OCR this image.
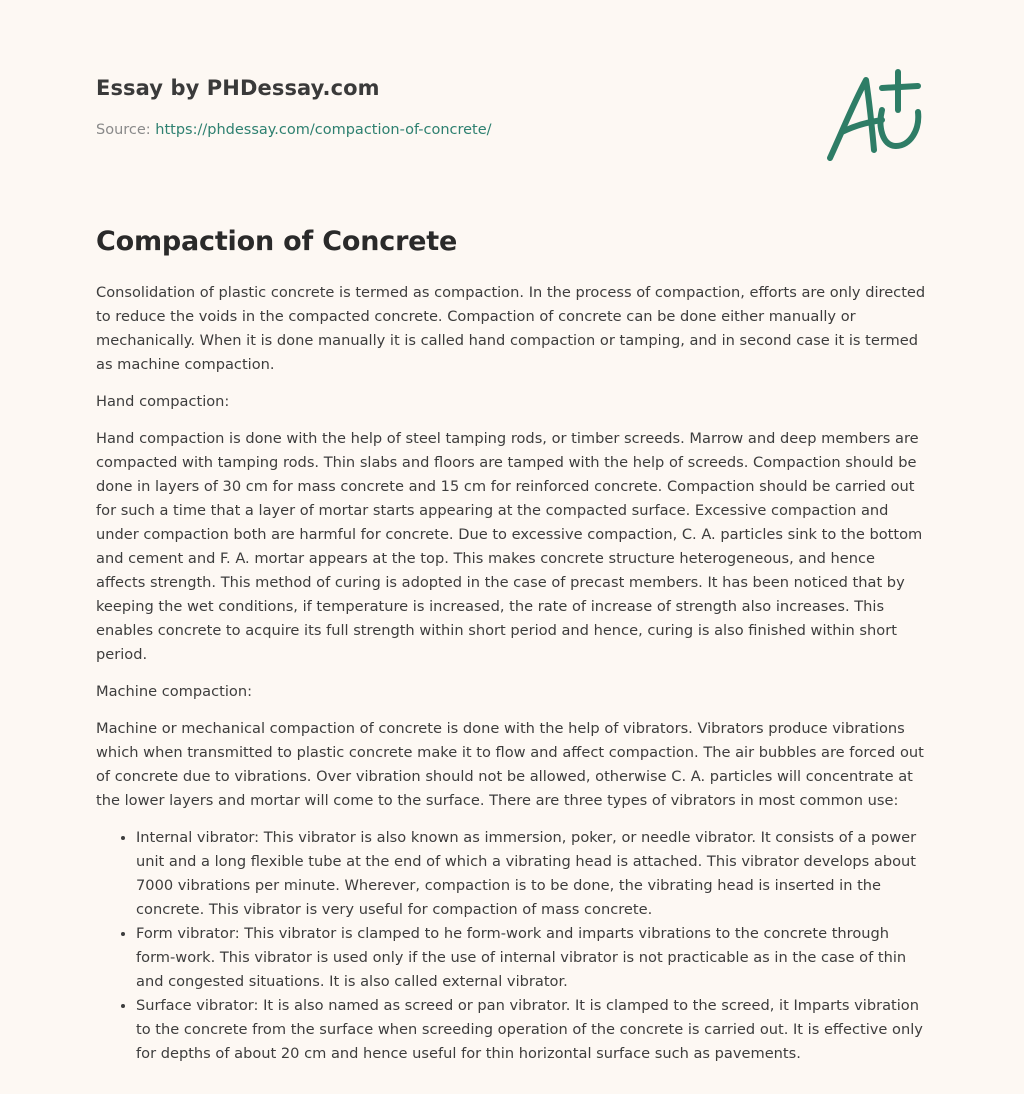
Essay by PHDessay.com
Source: https://phdessay.com/compaction-of-concrete/
Compaction of Concrete

Consolidation of plastic concrete is termed as compaction. In the process of compaction, efforts are only directed to reduce the voids in the compacted concrete. Compaction of concrete can be done either manually or mechanically. When it is done manually it is called hand compaction or tamping, and in second case it is termed as machine compaction.

Hand compaction:

Hand compaction is done with the help of steel tamping rods, or timber screeds. Marrow and deep members are compacted with tamping rods. Thin slabs and floors are tamped with the help of screeds. Compaction should be done in layers of 30 cm for mass concrete and 15 cm for reinforced concrete. Compaction should be carried out for such a time that a layer of mortar starts appearing at the compacted surface. Excessive compaction and under compaction both are harmful for concrete. Due to excessive compaction, C. A. particles sink to the bottom and cement and F. A. mortar appears at the top. This makes concrete structure heterogeneous, and hence affects strength. This method of curing is adopted in the case of precast members. It has been noticed that by keeping the wet conditions, if temperature is increased, the rate of increase of strength also increases. This enables concrete to acquire its full strength within short period and hence, curing is also finished within short period.

Machine compaction:

Machine or mechanical compaction of concrete is done with the help of vibrators. Vibrators produce vibrations which when transmitted to plastic concrete make it to flow and affect compaction. The air bubbles are forced out of concrete due to vibrations. Over vibration should not be allowed, otherwise C. A. particles will concentrate at the lower layers and mortar will come to the surface. There are three types of vibrators in most common use:

• Internal vibrator: This vibrator is also known as immersion, poker, or needle vibrator. It consists of a power unit and a long flexible tube at the end of which a vibrating head is attached. This vibrator develops about 7000 vibrations per minute. Wherever, compaction is to be done, the vibrating head is inserted in the concrete. This vibrator is very useful for compaction of mass concrete.
• Form vibrator: This vibrator is clamped to he form-work and imparts vibrations to the concrete through form-work. This vibrator is used only if the use of internal vibrator is not practicable as in the case of thin and congested situations. It is also called external vibrator.
• Surface vibrator: It is also named as screed or pan vibrator. It is clamped to the screed, it Imparts vibration to the concrete from the surface when screeding operation of the concrete is carried out. It is effective only for depths of about 20 cm and hence useful for thin horizontal surface such as pavements.
